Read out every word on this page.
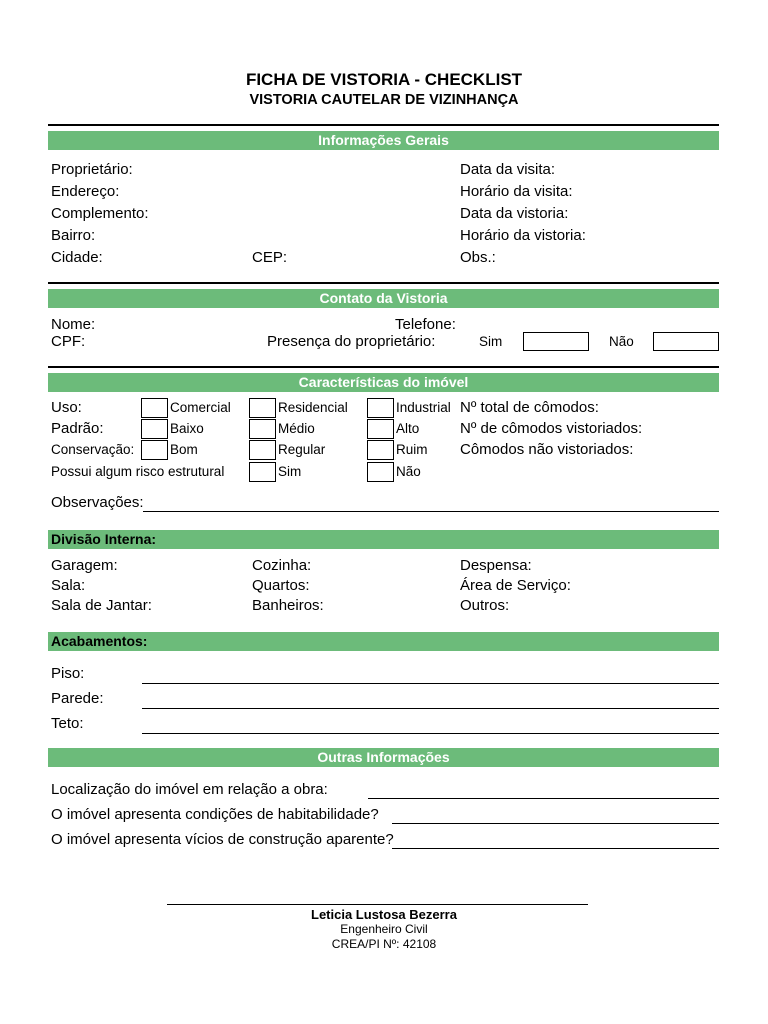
FICHA DE VISTORIA - CHECKLIST
VISTORIA CAUTELAR DE VIZINHANÇA
Informações Gerais
Proprietário:
Endereço:
Complemento:
Bairro:
Cidade:	CEP:
Data da visita:
Horário da visita:
Data da vistoria:
Horário da vistoria:
Obs.:
Contato da Vistoria
Nome:	Telefone:
CPF:	Presença do proprietário:	Sim	Não
Características do imóvel
Uso:	Comercial	Residencial	Industrial
Padrão:	Baixo	Médio	Alto
Conservação:	Bom	Regular	Ruim
Possui algum risco estrutural	Sim	Não
Nº total de cômodos:
Nº de cômodos vistoriados:
Cômodos não vistoriados:
Observações:
Divisão Interna:
Garagem:
Sala:
Sala de Jantar:
Cozinha:
Quartos:
Banheiros:
Despensa:
Área de Serviço:
Outros:
Acabamentos:
Piso:
Parede:
Teto:
Outras Informações
Localização do imóvel em relação a obra:
O imóvel apresenta condições de habitabilidade?
O imóvel apresenta vícios de construção aparente?
Leticia Lustosa Bezerra
Engenheiro Civil
CREA/PI Nº: 42108
